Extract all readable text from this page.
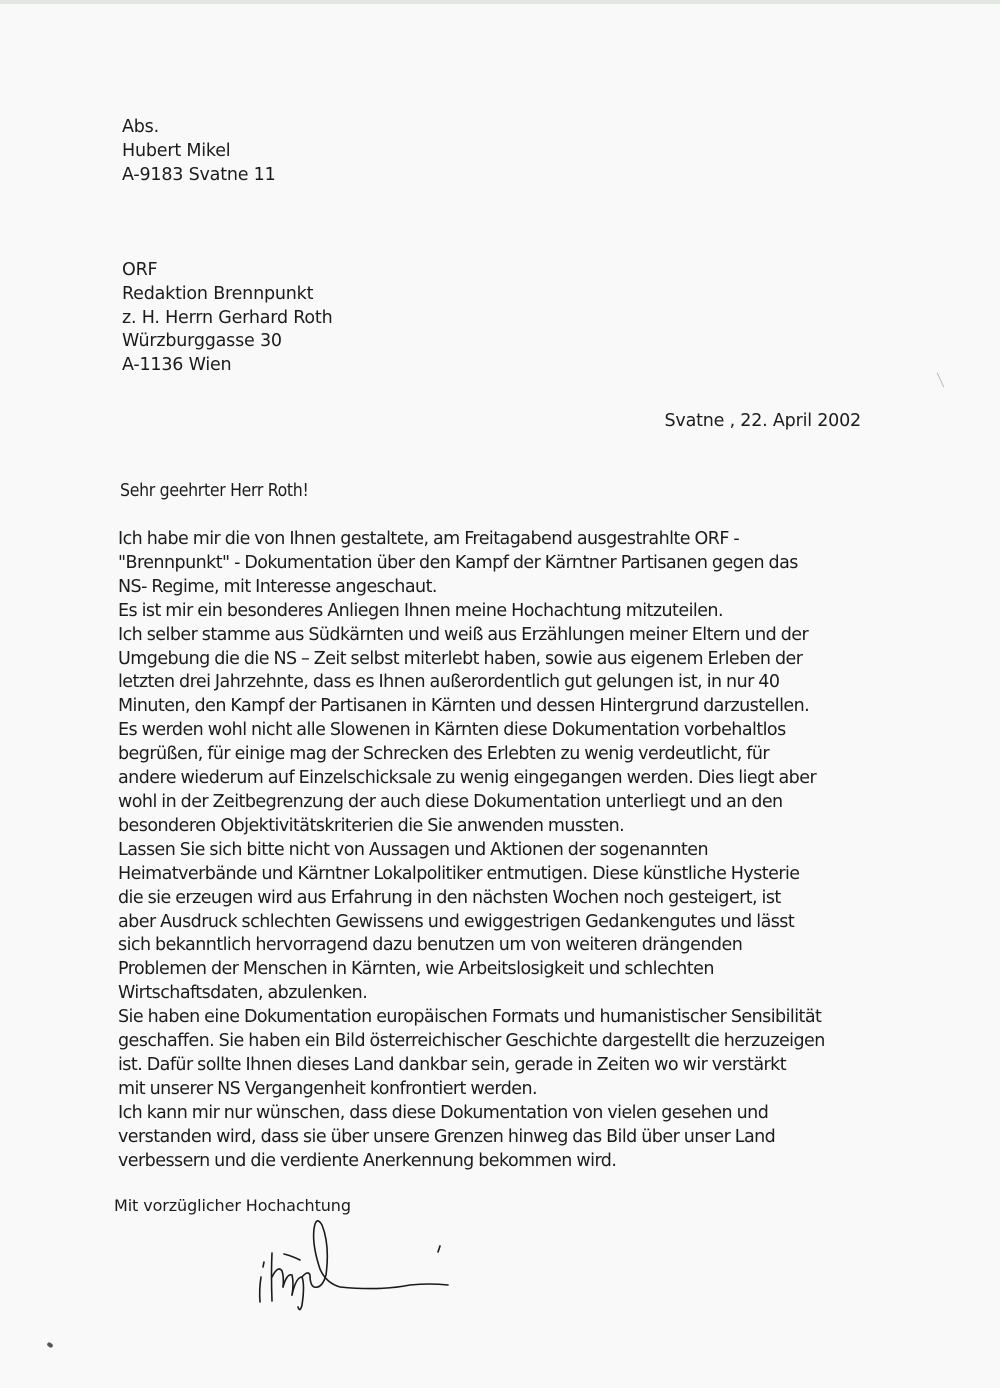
Abs.
Hubert Mikel
A-9183 Svatne 11
ORF
Redaktion Brennpunkt
z. H. Herrn Gerhard Roth
Würzburggasse 30
A-1136 Wien
Svatne , 22. April 2002
Sehr geehrter Herr Roth!
Ich habe mir die von Ihnen gestaltete, am Freitagabend ausgestrahlte ORF -
"Brennpunkt" - Dokumentation über den Kampf der Kärntner Partisanen gegen das
NS- Regime, mit Interesse angeschaut.
Es ist mir ein besonderes Anliegen Ihnen meine Hochachtung mitzuteilen.
Ich selber stamme aus Südkärnten und weiß aus Erzählungen meiner Eltern und der
Umgebung die die NS – Zeit selbst miterlebt haben, sowie aus eigenem Erleben der
letzten drei Jahrzehnte, dass es Ihnen außerordentlich gut gelungen ist, in nur 40
Minuten, den Kampf der Partisanen in Kärnten und dessen Hintergrund darzustellen.
Es werden wohl nicht alle Slowenen in Kärnten diese Dokumentation vorbehaltlos
begrüßen, für einige mag der Schrecken des Erlebten zu wenig verdeutlicht, für
andere wiederum auf Einzelschicksale zu wenig eingegangen werden. Dies liegt aber
wohl in der Zeitbegrenzung der auch diese Dokumentation unterliegt und an den
besonderen Objektivitätskriterien die Sie anwenden mussten.
Lassen Sie sich bitte nicht von Aussagen und Aktionen der sogenannten
Heimatverbände und Kärntner Lokalpolitiker entmutigen. Diese künstliche Hysterie
die sie erzeugen wird aus Erfahrung in den nächsten Wochen noch gesteigert, ist
aber Ausdruck schlechten Gewissens und ewiggestrigen Gedankengutes und lässt
sich bekanntlich hervorragend dazu benutzen um von weiteren drängenden
Problemen der Menschen in Kärnten, wie Arbeitslosigkeit und schlechten
Wirtschaftsdaten, abzulenken.
Sie haben eine Dokumentation europäischen Formats und humanistischer Sensibilität
geschaffen. Sie haben ein Bild österreichischer Geschichte dargestellt die herzuzeigen
ist. Dafür sollte Ihnen dieses Land dankbar sein, gerade in Zeiten wo wir verstärkt
mit unserer NS Vergangenheit konfrontiert werden.
Ich kann mir nur wünschen, dass diese Dokumentation von vielen gesehen und
verstanden wird, dass sie über unsere Grenzen hinweg das Bild über unser Land
verbessern und die verdiente Anerkennung bekommen wird.
Mit vorzüglicher Hochachtung
